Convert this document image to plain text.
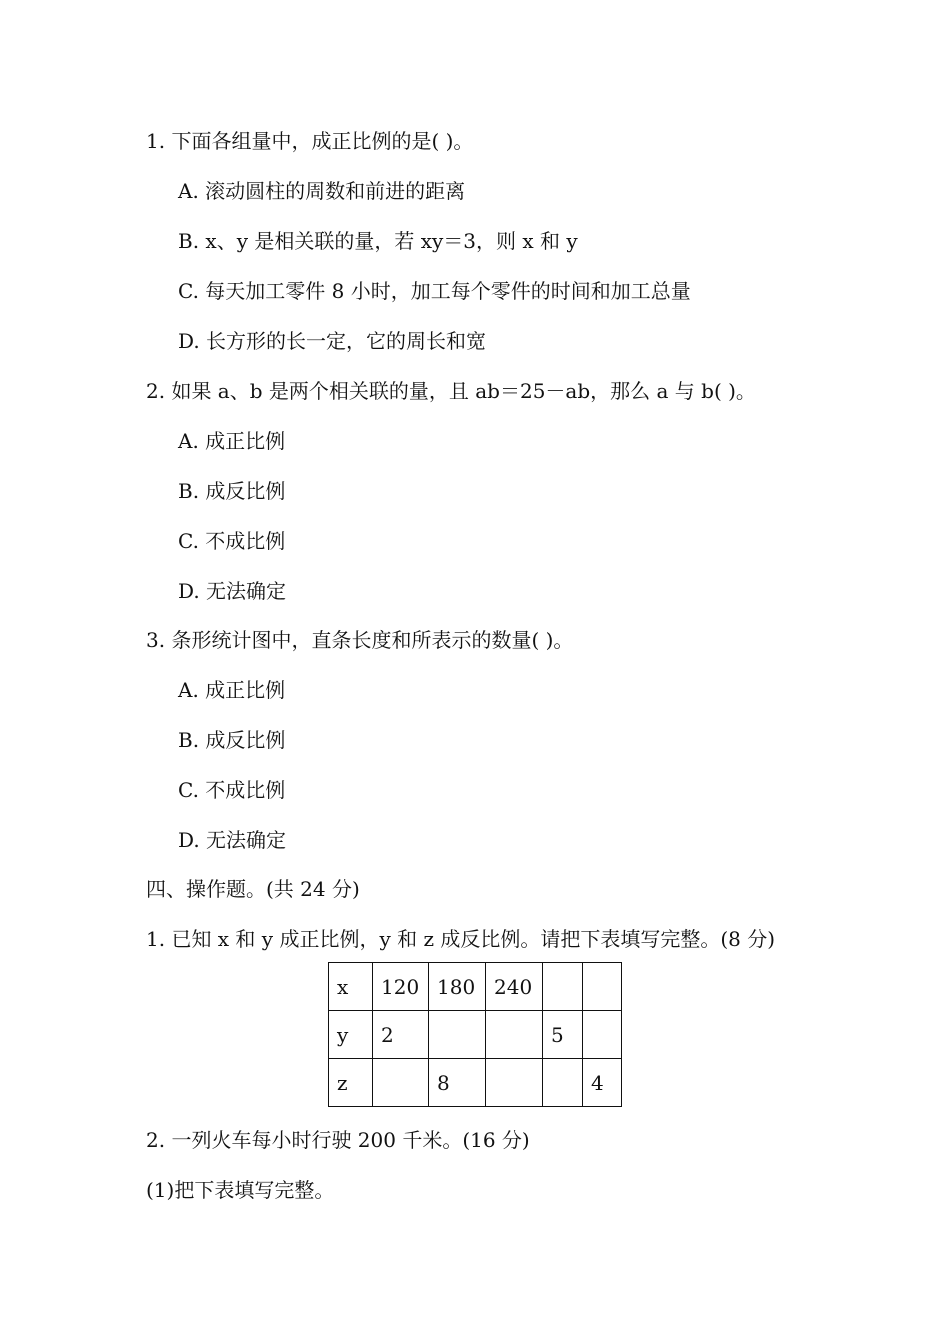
1. 下面各组量中，成正比例的是( )。
A. 滚动圆柱的周数和前进的距离
B. x、y 是相关联的量，若 xy＝3，则 x 和 y
C. 每天加工零件 8 小时，加工每个零件的时间和加工总量
D. 长方形的长一定，它的周长和宽
2. 如果 a、b 是两个相关联的量，且 ab＝25－ab，那么 a 与 b( )。
A. 成正比例
B. 成反比例
C. 不成比例
D. 无法确定
3. 条形统计图中，直条长度和所表示的数量( )。
A. 成正比例
B. 成反比例
C. 不成比例
D. 无法确定
四、操作题。(共 24 分)
1. 已知 x 和 y 成正比例，y 和 z 成反比例。请把下表填写完整。(8 分)
x	120	180	240		
y	2			5	
z		8			4
2. 一列火车每小时行驶 200 千米。(16 分)
(1)把下表填写完整。
